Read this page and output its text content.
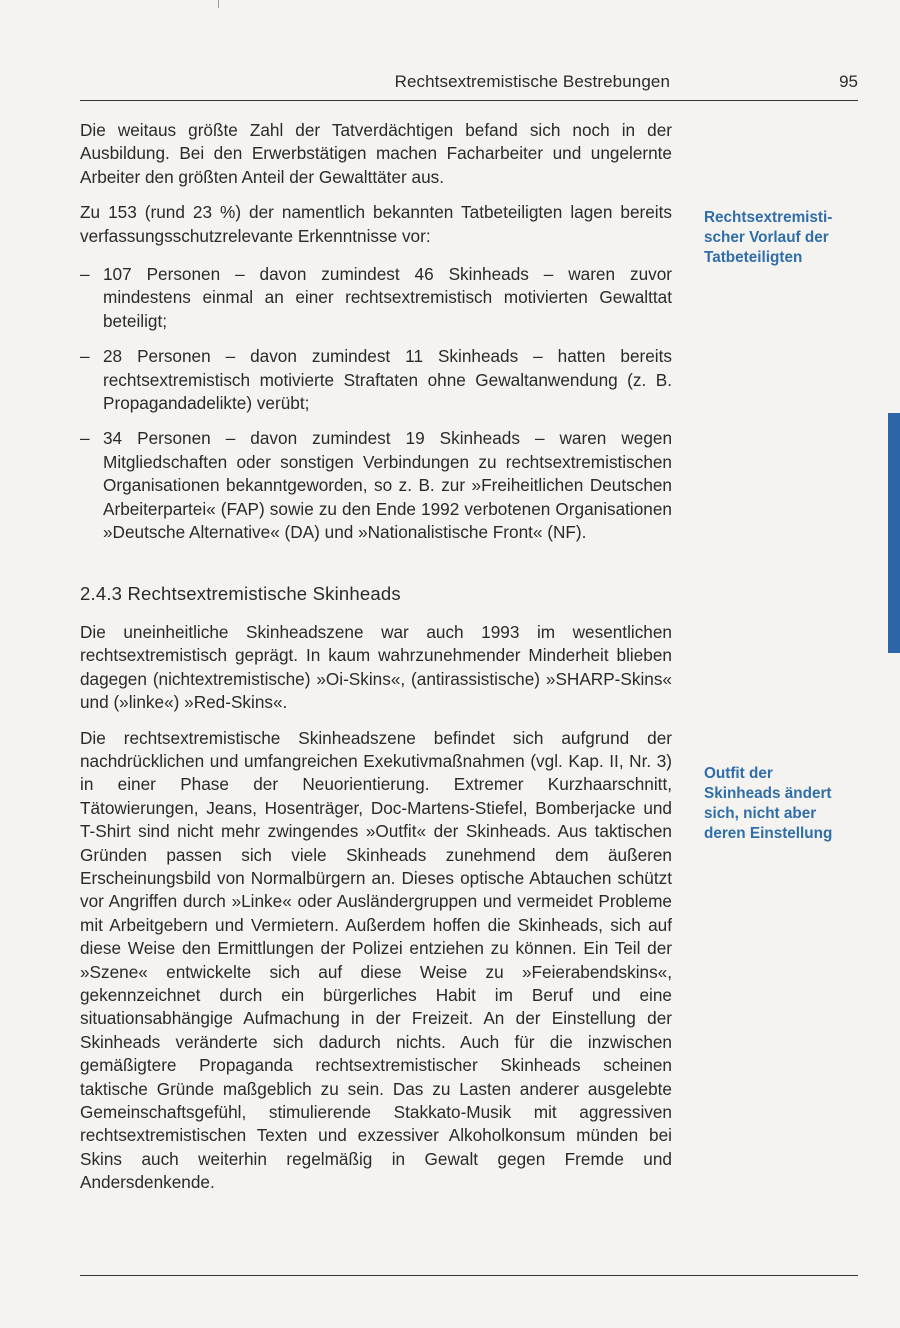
Rechtsextremistische Bestrebungen	95

Die weitaus größte Zahl der Tatverdächtigen befand sich noch in der Ausbildung. Bei den Erwerbstätigen machen Facharbeiter und ungelernte Arbeiter den größten Anteil der Gewalttäter aus.

Zu 153 (rund 23 %) der namentlich bekannten Tatbeteiligten lagen bereits verfassungsschutzrelevante Erkenntnisse vor:

– 107 Personen – davon zumindest 46 Skinheads – waren zuvor mindestens einmal an einer rechtsextremistisch motivierten Gewalttat beteiligt;
– 28 Personen – davon zumindest 11 Skinheads – hatten bereits rechtsextremistisch motivierte Straftaten ohne Gewaltanwendung (z. B. Propagandadelikte) verübt;
– 34 Personen – davon zumindest 19 Skinheads – waren wegen Mitgliedschaften oder sonstigen Verbindungen zu rechtsextremistischen Organisationen bekanntgeworden, so z. B. zur »Freiheitlichen Deutschen Arbeiterpartei« (FAP) sowie zu den Ende 1992 verbotenen Organisationen »Deutsche Alternative« (DA) und »Nationalistische Front« (NF).
2.4.3 Rechtsextremistische Skinheads

Die uneinheitliche Skinheadszene war auch 1993 im wesentlichen rechtsextremistisch geprägt. In kaum wahrzunehmender Minderheit blieben dagegen (nichtextremistische) »Oi-Skins«, (antirassistische) »SHARP-Skins« und (»linke«) »Red-Skins«.

Die rechtsextremistische Skinheadszene befindet sich aufgrund der nachdrücklichen und umfangreichen Exekutivmaßnahmen (vgl. Kap. II, Nr. 3) in einer Phase der Neuorientierung. Extremer Kurzhaarschnitt, Tätowierungen, Jeans, Hosenträger, Doc-Martens-Stiefel, Bomberjacke und T-Shirt sind nicht mehr zwingendes »Outfit« der Skinheads. Aus taktischen Gründen passen sich viele Skinheads zunehmend dem äußeren Erscheinungsbild von Normalbürgern an. Dieses optische Abtauchen schützt vor Angriffen durch »Linke« oder Ausländergruppen und vermeidet Probleme mit Arbeitgebern und Vermietern. Außerdem hoffen die Skinheads, sich auf diese Weise den Ermittlungen der Polizei entziehen zu können. Ein Teil der »Szene« entwickelte sich auf diese Weise zu »Feierabendskins«, gekennzeichnet durch ein bürgerliches Habit im Beruf und eine situationsabhängige Aufmachung in der Freizeit. An der Einstellung der Skinheads veränderte sich dadurch nichts. Auch für die inzwischen gemäßigtere Propaganda rechtsextremistischer Skinheads scheinen taktische Gründe maßgeblich zu sein. Das zu Lasten anderer ausgelebte Gemeinschaftsgefühl, stimulierende Stakkato-Musik mit aggressiven rechtsextremistischen Texten und exzessiver Alkoholkonsum münden bei Skins auch weiterhin regelmäßig in Gewalt gegen Fremde und Andersdenkende.

Rechtsextremisti-
scher Vorlauf der
Tatbeteiligten
Outfit der
Skinheads ändert
sich, nicht aber
deren Einstellung
